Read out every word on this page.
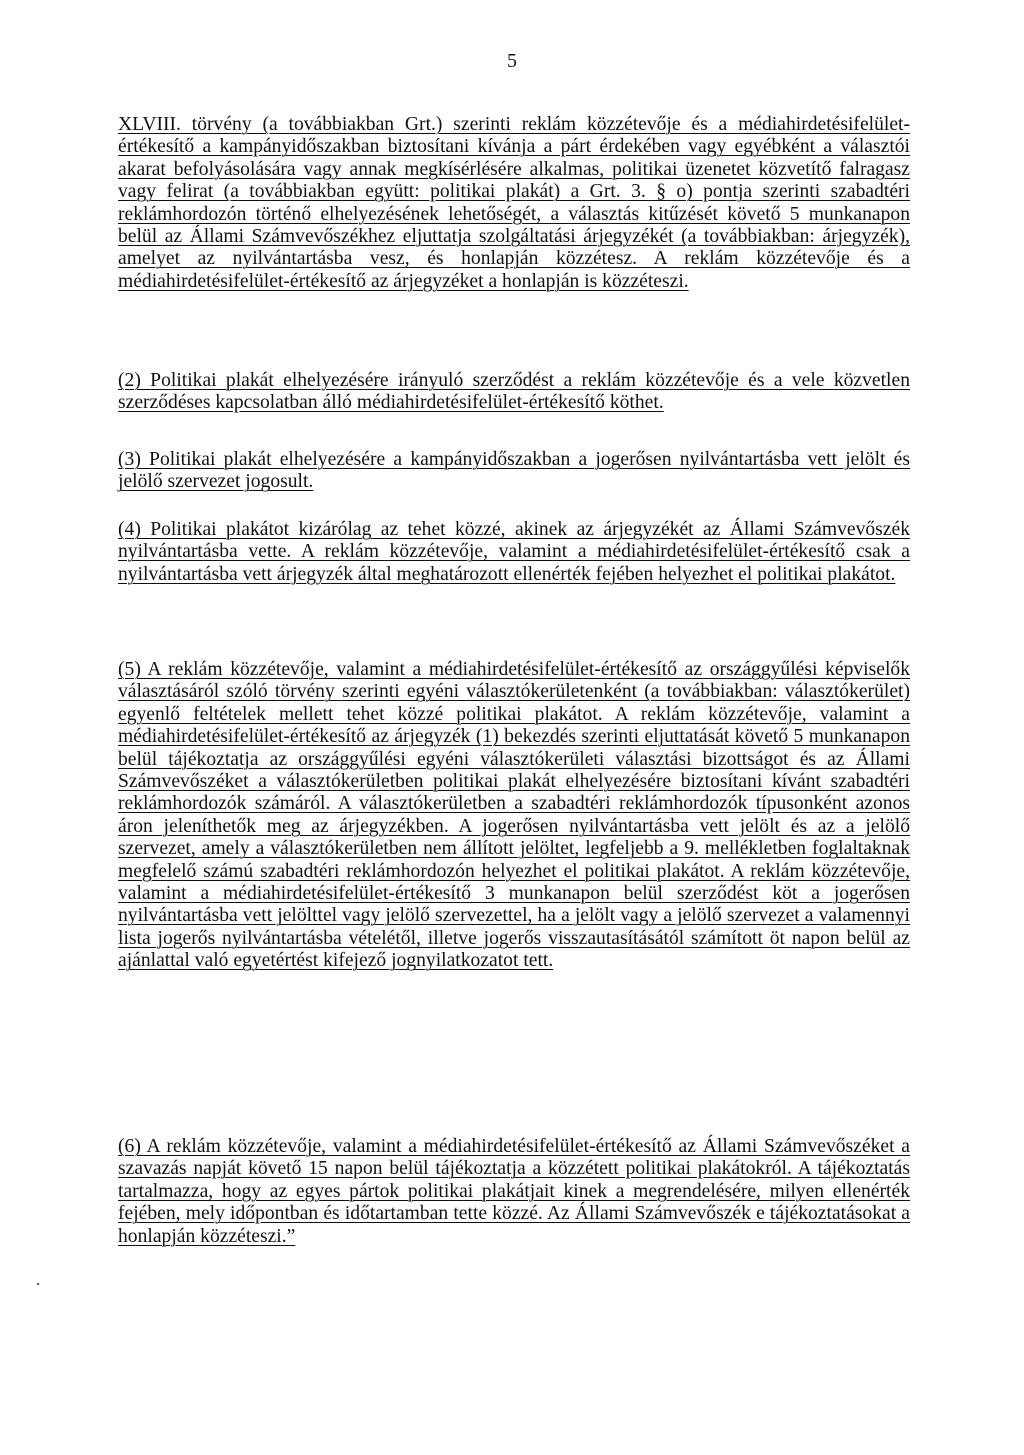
5

XLVIII. törvény (a továbbiakban Grt.) szerinti reklám közzétevője és a médiahirdetésifelület-értékesítő a kampányidőszakban biztosítani kívánja a párt érdekében vagy egyébként a választói akarat befolyásolására vagy annak megkísérlésére alkalmas, politikai üzenetet közvetítő falragasz vagy felirat (a továbbiakban együtt: politikai plakát) a Grt. 3. § o) pontja szerinti szabadtéri reklámhordozón történő elhelyezésének lehetőségét, a választás kitűzését követő 5 munkanapon belül az Állami Számvevőszékhez eljuttatja szolgáltatási árjegyzékét (a továbbiakban: árjegyzék), amelyet az nyilvántartásba vesz, és honlapján közzétesz. A reklám közzétevője és a médiahirdetésifelület-értékesítő az árjegyzéket a honlapján is közzéteszi.

(2) Politikai plakát elhelyezésére irányuló szerződést a reklám közzétevője és a vele közvetlen szerződéses kapcsolatban álló médiahirdetésifelület-értékesítő köthet.

(3) Politikai plakát elhelyezésére a kampányidőszakban a jogerősen nyilvántartásba vett jelölt és jelölő szervezet jogosult.

(4) Politikai plakátot kizárólag az tehet közzé, akinek az árjegyzékét az Állami Számvevőszék nyilvántartásba vette. A reklám közzétevője, valamint a médiahirdetésifelület-értékesítő csak a nyilvántartásba vett árjegyzék által meghatározott ellenérték fejében helyezhet el politikai plakátot.

(5) A reklám közzétevője, valamint a médiahirdetésifelület-értékesítő az országgyűlési képviselők választásáról szóló törvény szerinti egyéni választókerületenként (a továbbiakban: választókerület) egyenlő feltételek mellett tehet közzé politikai plakátot. A reklám közzétevője, valamint a médiahirdetésifelület-értékesítő az árjegyzék (1) bekezdés szerinti eljuttatását követő 5 munkanapon belül tájékoztatja az országgyűlési egyéni választókerületi választási bizottságot és az Állami Számvevőszéket a választókerületben politikai plakát elhelyezésére biztosítani kívánt szabadtéri reklámhordozók számáról. A választókerületben a szabadtéri reklámhordozók típusonként azonos áron jeleníthetők meg az árjegyzékben. A jogerősen nyilvántartásba vett jelölt és az a jelölő szervezet, amely a választókerületben nem állított jelöltet, legfeljebb a 9. mellékletben foglaltaknak megfelelő számú szabadtéri reklámhordozón helyezhet el politikai plakátot. A reklám közzétevője, valamint a médiahirdetésifelület-értékesítő 3 munkanapon belül szerződést köt a jogerősen nyilvántartásba vett jelölttel vagy jelölő szervezettel, ha a jelölt vagy a jelölő szervezet a valamennyi lista jogerős nyilvántartásba vételétől, illetve jogerős visszautasításától számított öt napon belül az ajánlattal való egyetértést kifejező jognyilatkozatot tett.

(6) A reklám közzétevője, valamint a médiahirdetésifelület-értékesítő az Állami Számvevőszéket a szavazás napját követő 15 napon belül tájékoztatja a közzétett politikai plakátokról. A tájékoztatás tartalmazza, hogy az egyes pártok politikai plakátjait kinek a megrendelésére, milyen ellenérték fejében, mely időpontban és időtartamban tette közzé. Az Állami Számvevőszék e tájékoztatásokat a honlapján közzéteszi.”
